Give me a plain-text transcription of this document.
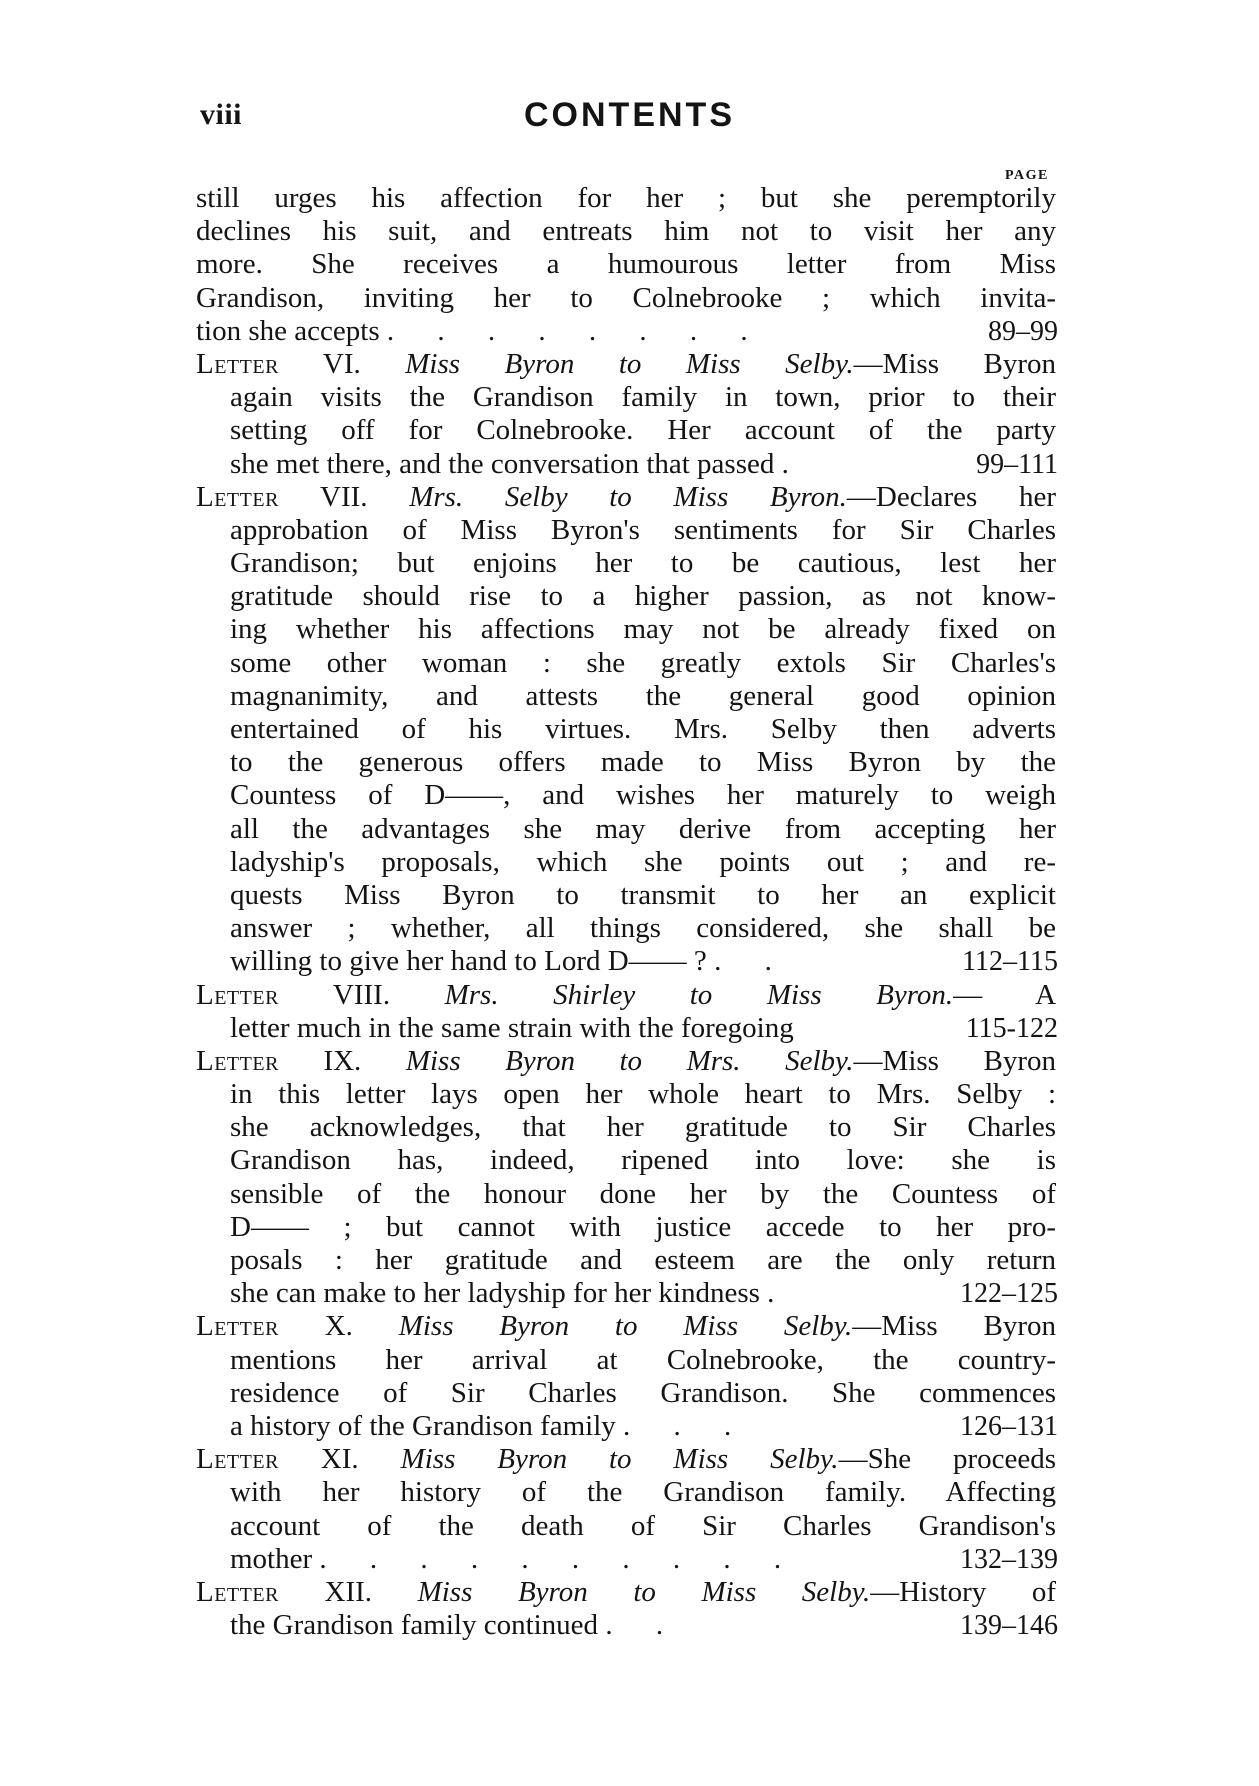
viii	CONTENTS
PAGE
still urges his affection for her ; but she peremptorily
declines his suit, and entreats him not to visit her any
more. She receives a humourous letter from Miss
Grandison, inviting her to Colnebrooke ; which invita-
tion she accepts . . . . . . . .	89–99
Letter VI. Miss Byron to Miss Selby.—Miss Byron
again visits the Grandison family in town, prior to their
setting off for Colnebrooke. Her account of the party
she met there, and the conversation that passed .	99–111
Letter VII. Mrs. Selby to Miss Byron.—Declares her
approbation of Miss Byron's sentiments for Sir Charles
Grandison; but enjoins her to be cautious, lest her
gratitude should rise to a higher passion, as not know-
ing whether his affections may not be already fixed on
some other woman : she greatly extols Sir Charles's
magnanimity, and attests the general good opinion
entertained of his virtues. Mrs. Selby then adverts
to the generous offers made to Miss Byron by the
Countess of D——, and wishes her maturely to weigh
all the advantages she may derive from accepting her
ladyship's proposals, which she points out ; and re-
quests Miss Byron to transmit to her an explicit
answer ; whether, all things considered, she shall be
willing to give her hand to Lord D—— ? . .	112–115
Letter VIII. Mrs. Shirley to Miss Byron.— A
letter much in the same strain with the foregoing	115-122
Letter IX. Miss Byron to Mrs. Selby.—Miss Byron
in this letter lays open her whole heart to Mrs. Selby :
she acknowledges, that her gratitude to Sir Charles
Grandison has, indeed, ripened into love: she is
sensible of the honour done her by the Countess of
D—— ; but cannot with justice accede to her pro-
posals : her gratitude and esteem are the only return
she can make to her ladyship for her kindness .	122–125
Letter X. Miss Byron to Miss Selby.—Miss Byron
mentions her arrival at Colnebrooke, the country-
residence of Sir Charles Grandison. She commences
a history of the Grandison family . . .	126–131
Letter XI. Miss Byron to Miss Selby.—She proceeds
with her history of the Grandison family. Affecting
account of the death of Sir Charles Grandison's
mother . . . . . . . . . .	132–139
Letter XII. Miss Byron to Miss Selby.—History of
the Grandison family continued . .	139–146
